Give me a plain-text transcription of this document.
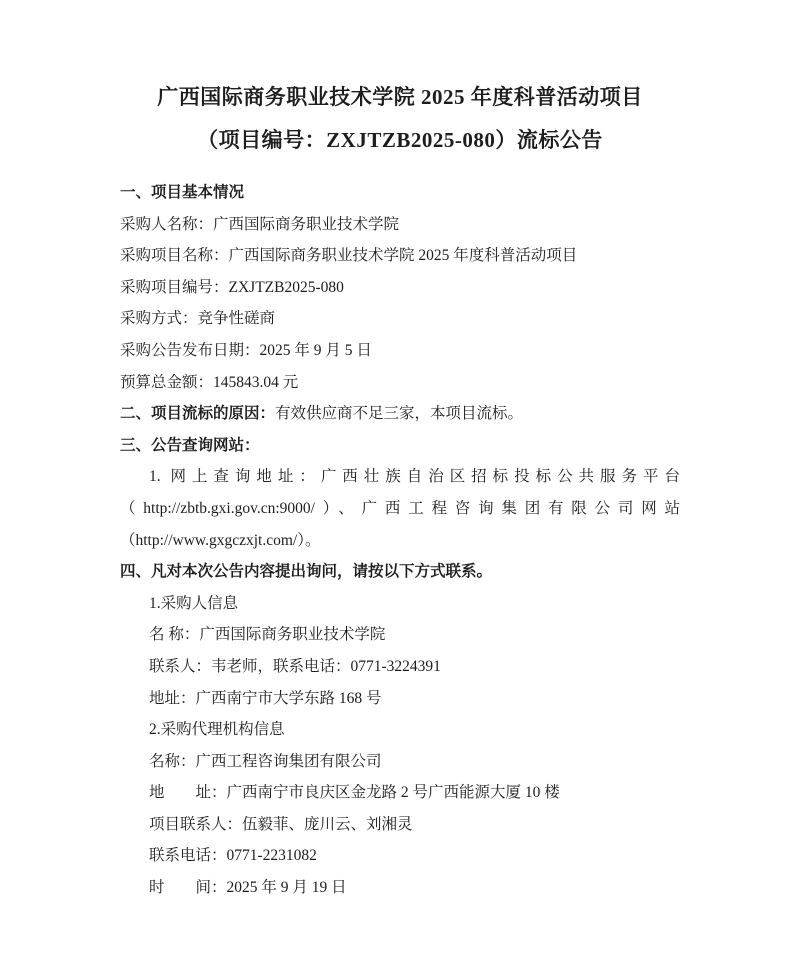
广西国际商务职业技术学院 2025 年度科普活动项目
（项目编号：ZXJTZB2025-080）流标公告
一、项目基本情况
采购人名称：广西国际商务职业技术学院
采购项目名称：广西国际商务职业技术学院 2025 年度科普活动项目
采购项目编号：ZXJTZB2025-080
采购方式：竞争性磋商
采购公告发布日期：2025 年 9 月 5 日
预算总金额：145843.04 元
二、项目流标的原因：有效供应商不足三家，本项目流标。
三、公告查询网站：
1. 网上查询地址：广西壮族自治区招标投标公共服务平台
（http://zbtb.gxi.gov.cn:9000/）、广西工程咨询集团有限公司网站
（http://www.gxgczxjt.com/）。
四、凡对本次公告内容提出询问，请按以下方式联系。
1.采购人信息
名 称：广西国际商务职业技术学院
联系人：韦老师，联系电话：0771-3224391
地址：广西南宁市大学东路 168 号
2.采购代理机构信息
名称：广西工程咨询集团有限公司
地　　址：广西南宁市良庆区金龙路 2 号广西能源大厦 10 楼
项目联系人：伍毅菲、庞川云、刘湘灵
联系电话：0771-2231082
时　　间：2025 年 9 月 19 日
